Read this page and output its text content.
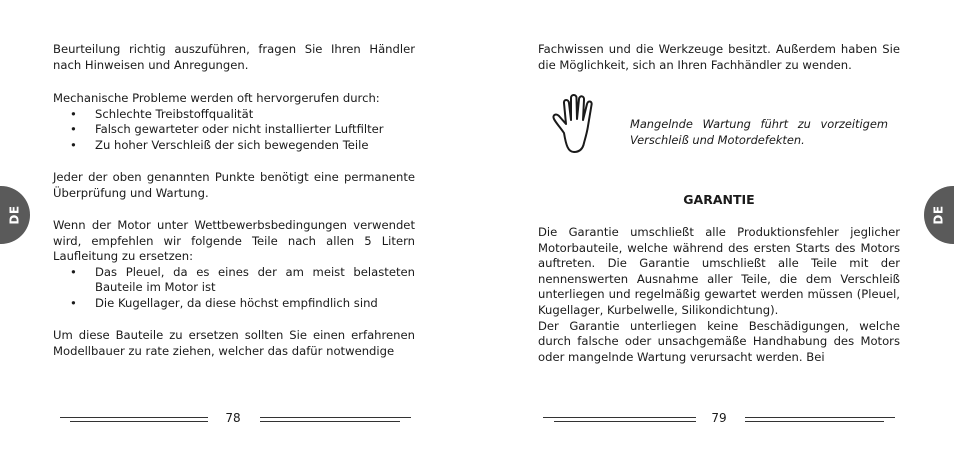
DE	DE

Beurteilung richtig auszuführen, fragen Sie Ihren Händler nach Hinweisen und Anregungen.

Mechanische Probleme werden oft hervorgerufen durch:

• Schlechte Treibstoffqualität
• Falsch gewarteter oder nicht installierter Luftfilter
• Zu hoher Verschleiß der sich bewegenden Teile

Jeder der oben genannten Punkte benötigt eine permanente Überprüfung und Wartung.

Wenn der Motor unter Wettbewerbsbedingungen verwendet wird, empfehlen wir folgende Teile nach allen 5 Litern Laufleitung zu ersetzen:

• Das Pleuel, da es eines der am meist belasteten Bauteile im Motor ist
• Die Kugellager, da diese höchst empfindlich sind

Um diese Bauteile zu ersetzen sollten Sie einen erfahrenen Modellbauer zu rate ziehen, welcher das dafür notwendige

78

Fachwissen und die Werkzeuge besitzt. Außerdem haben Sie die Möglichkeit, sich an Ihren Fachhändler zu wenden.

Mangelnde Wartung führt zu vorzeitigem Verschleiß und Motordefekten.
GARANTIE

Die Garantie umschließt alle Produktionsfehler jeglicher Motorbauteile, welche während des ersten Starts des Motors auftreten. Die Garantie umschließt alle Teile mit der nennenswerten Ausnahme aller Teile, die dem Verschleiß unterliegen und regelmäßig gewartet werden müssen (Pleuel, Kugellager, Kurbelwelle, Silikondichtung).

Der Garantie unterliegen keine Beschädigungen, welche durch falsche oder unsachgemäße Handhabung des Motors oder mangelnde Wartung verursacht werden. Bei

79
